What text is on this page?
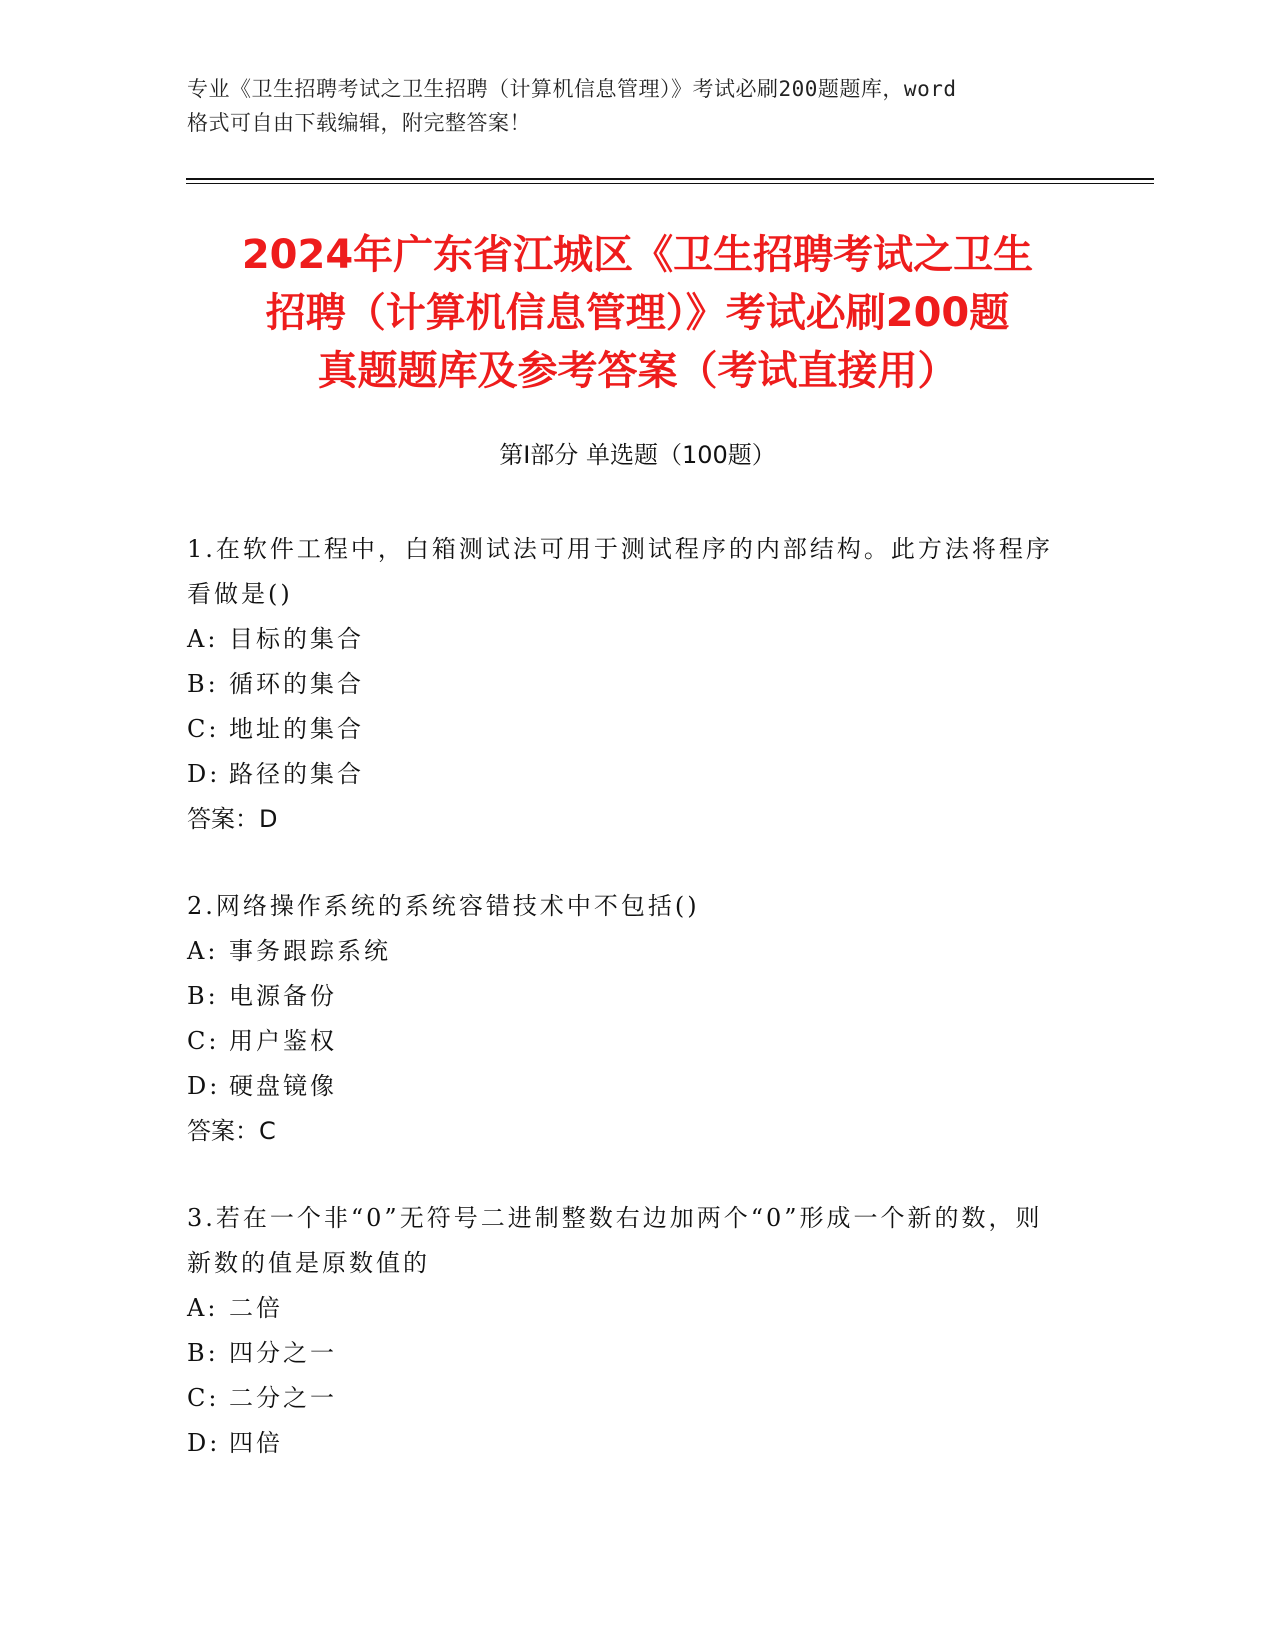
专业《卫生招聘考试之卫生招聘（计算机信息管理）》考试必刷200题题库，word
格式可自由下载编辑，附完整答案！
2024年广东省江城区《卫生招聘考试之卫生
招聘（计算机信息管理）》考试必刷200题
真题题库及参考答案（考试直接用）
第Ⅰ部分 单选题（100题）
1.在软件工程中，白箱测试法可用于测试程序的内部结构。此方法将程序看做是()
A: 目标的集合
B: 循环的集合
C: 地址的集合
D: 路径的集合
答案：D
2.网络操作系统的系统容错技术中不包括()
A: 事务跟踪系统
B: 电源备份
C: 用户鉴权
D: 硬盘镜像
答案：C
3.若在一个非“0”无符号二进制整数右边加两个“0”形成一个新的数，则新数的值是原数值的
A: 二倍
B: 四分之一
C: 二分之一
D: 四倍
